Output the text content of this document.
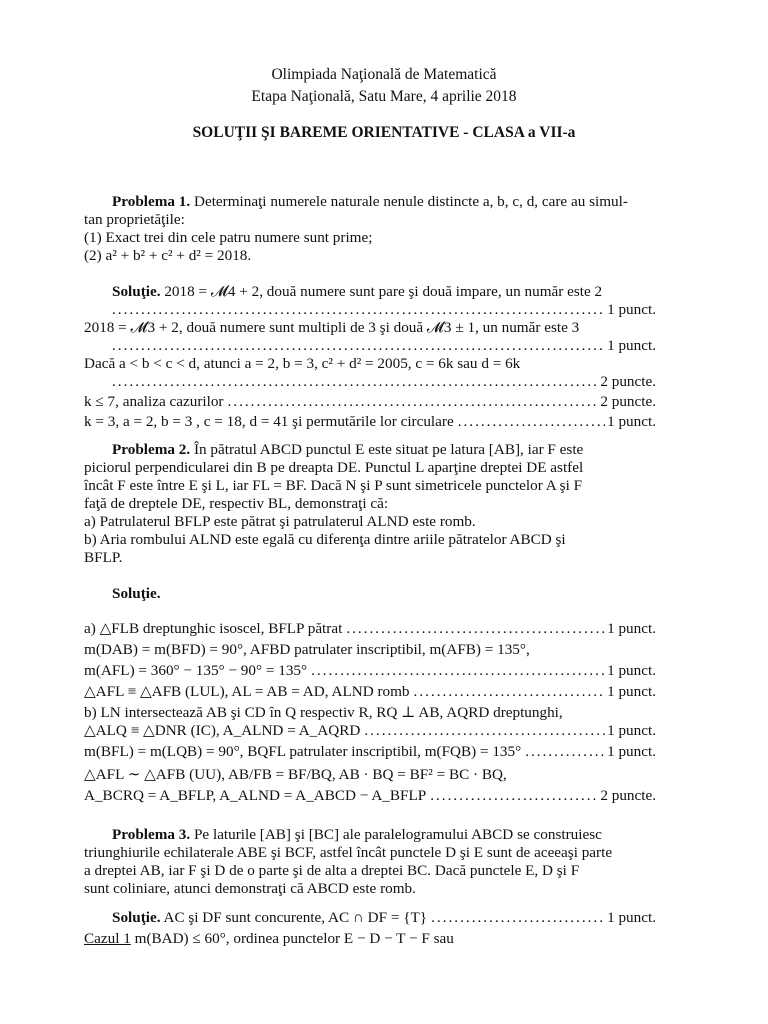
Olimpiada Naţională de Matematică
Etapa Naţională, Satu Mare, 4 aprilie 2018
SOLUŢII ŞI BAREME ORIENTATIVE - CLASA a VII-a
Problema 1. Determinaţi numerele naturale nenule distincte a, b, c, d, care au simul-
tan proprietăţile:
(1) Exact trei din cele patru numere sunt prime;
(2) a² + b² + c² + d² = 2018.
Soluţie. 2018 = 𝓜4 + 2, două numere sunt pare şi două impare, un număr este 2
.....
1 punct.
2018 = 𝓜3 + 2, două numere sunt multipli de 3 şi două 𝓜3 ± 1, un număr este 3
.....
1 punct.
Dacă a < b < c < d, atunci a = 2, b = 3, c² + d² = 2005, c = 6k sau d = 6k
.....
2 puncte.
k ≤ 7, analiza cazurilor .....	2 puncte.
k = 3, a = 2, b = 3 , c = 18, d = 41 şi permutările lor circulare .....	1 punct.
Problema 2. În pătratul ABCD punctul E este situat pe latura [AB], iar F este
piciorul perpendicularei din B pe dreapta DE. Punctul L aparţine dreptei DE astfel
încât F este între E şi L, iar FL = BF. Dacă N şi P sunt simetricele punctelor A şi F
faţă de dreptele DE, respectiv BL, demonstraţi că:
a) Patrulaterul BFLP este pătrat şi patrulaterul ALND este romb.
b) Aria rombului ALND este egală cu diferenţa dintre ariile pătratelor ABCD şi
BFLP.
Soluţie.
a) △FLB dreptunghic isoscel, BFLP pătrat .....	1 punct.
m(DAB) = m(BFD) = 90°, AFBD patrulater inscriptibil, m(AFB) = 135°,
m(AFL) = 360° − 135° − 90° = 135° .....	1 punct.
△AFL ≡ △AFB (LUL), AL = AB = AD, ALND romb .....	1 punct.
b) LN intersectează AB şi CD în Q respectiv R, RQ ⊥ AB, AQRD dreptunghi,
△ALQ ≡ △DNR (IC), A_ALND = A_AQRD .....	1 punct.
m(BFL) = m(LQB) = 90°, BQFL patrulater inscriptibil, m(FQB) = 135° .....	1 punct.
△AFL ∼ △AFB (UU), AB/FB = BF/BQ, AB · BQ = BF² = BC · BQ,
A_BCRQ = A_BFLP, A_ALND = A_ABCD − A_BFLP .....	2 puncte.
Problema 3. Pe laturile [AB] şi [BC] ale paralelogramului ABCD se construiesc
triunghiurile echilaterale ABE şi BCF, astfel încât punctele D şi E sunt de aceeaşi parte
a dreptei AB, iar F şi D de o parte şi de alta a dreptei BC. Dacă punctele E, D şi F
sunt coliniare, atunci demonstraţi că ABCD este romb.
Soluţie. AC şi DF sunt concurente, AC ∩ DF = {T} .....	1 punct.
Cazul 1 m(BAD) ≤ 60°, ordinea punctelor E − D − T − F sau
